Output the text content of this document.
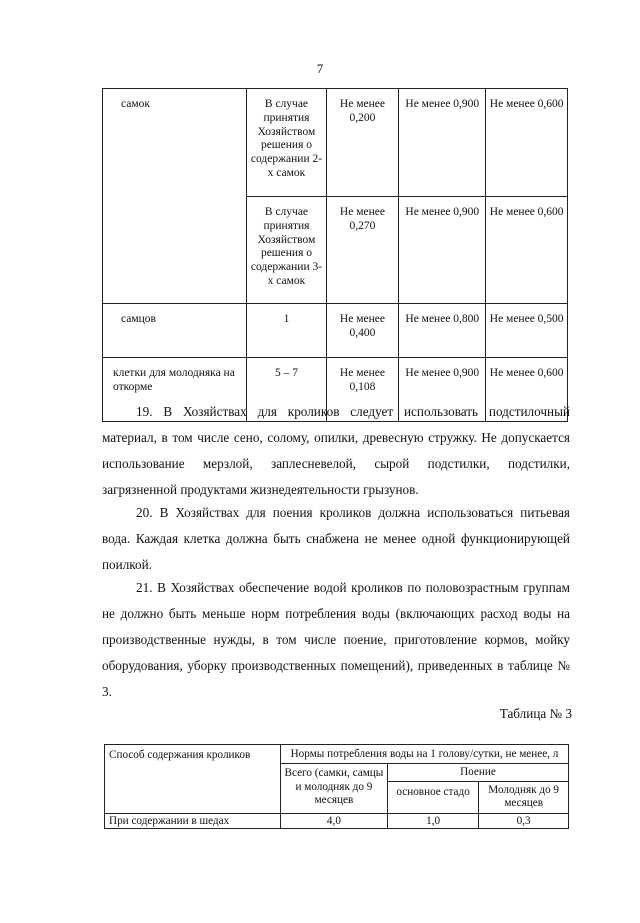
7
самок	В случае принятия Хозяйством решения о содержании 2-х самок	Не менее 0,200	Не менее 0,900	Не менее 0,600
	В случае принятия Хозяйством решения о содержании 3-х самок	Не менее 0,270	Не менее 0,900	Не менее 0,600
самцов	1	Не менее 0,400	Не менее 0,800	Не менее 0,500
клетки для молодняка на откорме	5 – 7	Не менее 0,108	Не менее 0,900	Не менее 0,600

19. В Хозяйствах для кроликов следует использовать подстилочный материал, в том числе сено, солому, опилки, древесную стружку. Не допускается использование мерзлой, заплесневелой, сырой подстилки, подстилки, загрязненной продуктами жизнедеятельности грызунов.

20. В Хозяйствах для поения кроликов должна использоваться питьевая вода. Каждая клетка должна быть снабжена не менее одной функционирующей поилкой.

21. В Хозяйствах обеспечение водой кроликов по половозрастным группам не должно быть меньше норм потребления воды (включающих расход воды на производственные нужды, в том числе поение, приготовление кормов, мойку оборудования, уборку производственных помещений), приведенных в таблице № 3.

Таблица № 3
Способ содержания кроликов	Нормы потребления воды на 1 голову/сутки, не менее, л		
	Всего (самки, самцы и молодняк до 9 месяцев	Поение	
		основное стадо	Молодняк до 9 месяцев
При содержании в шедах	4,0	1,0	0,3
